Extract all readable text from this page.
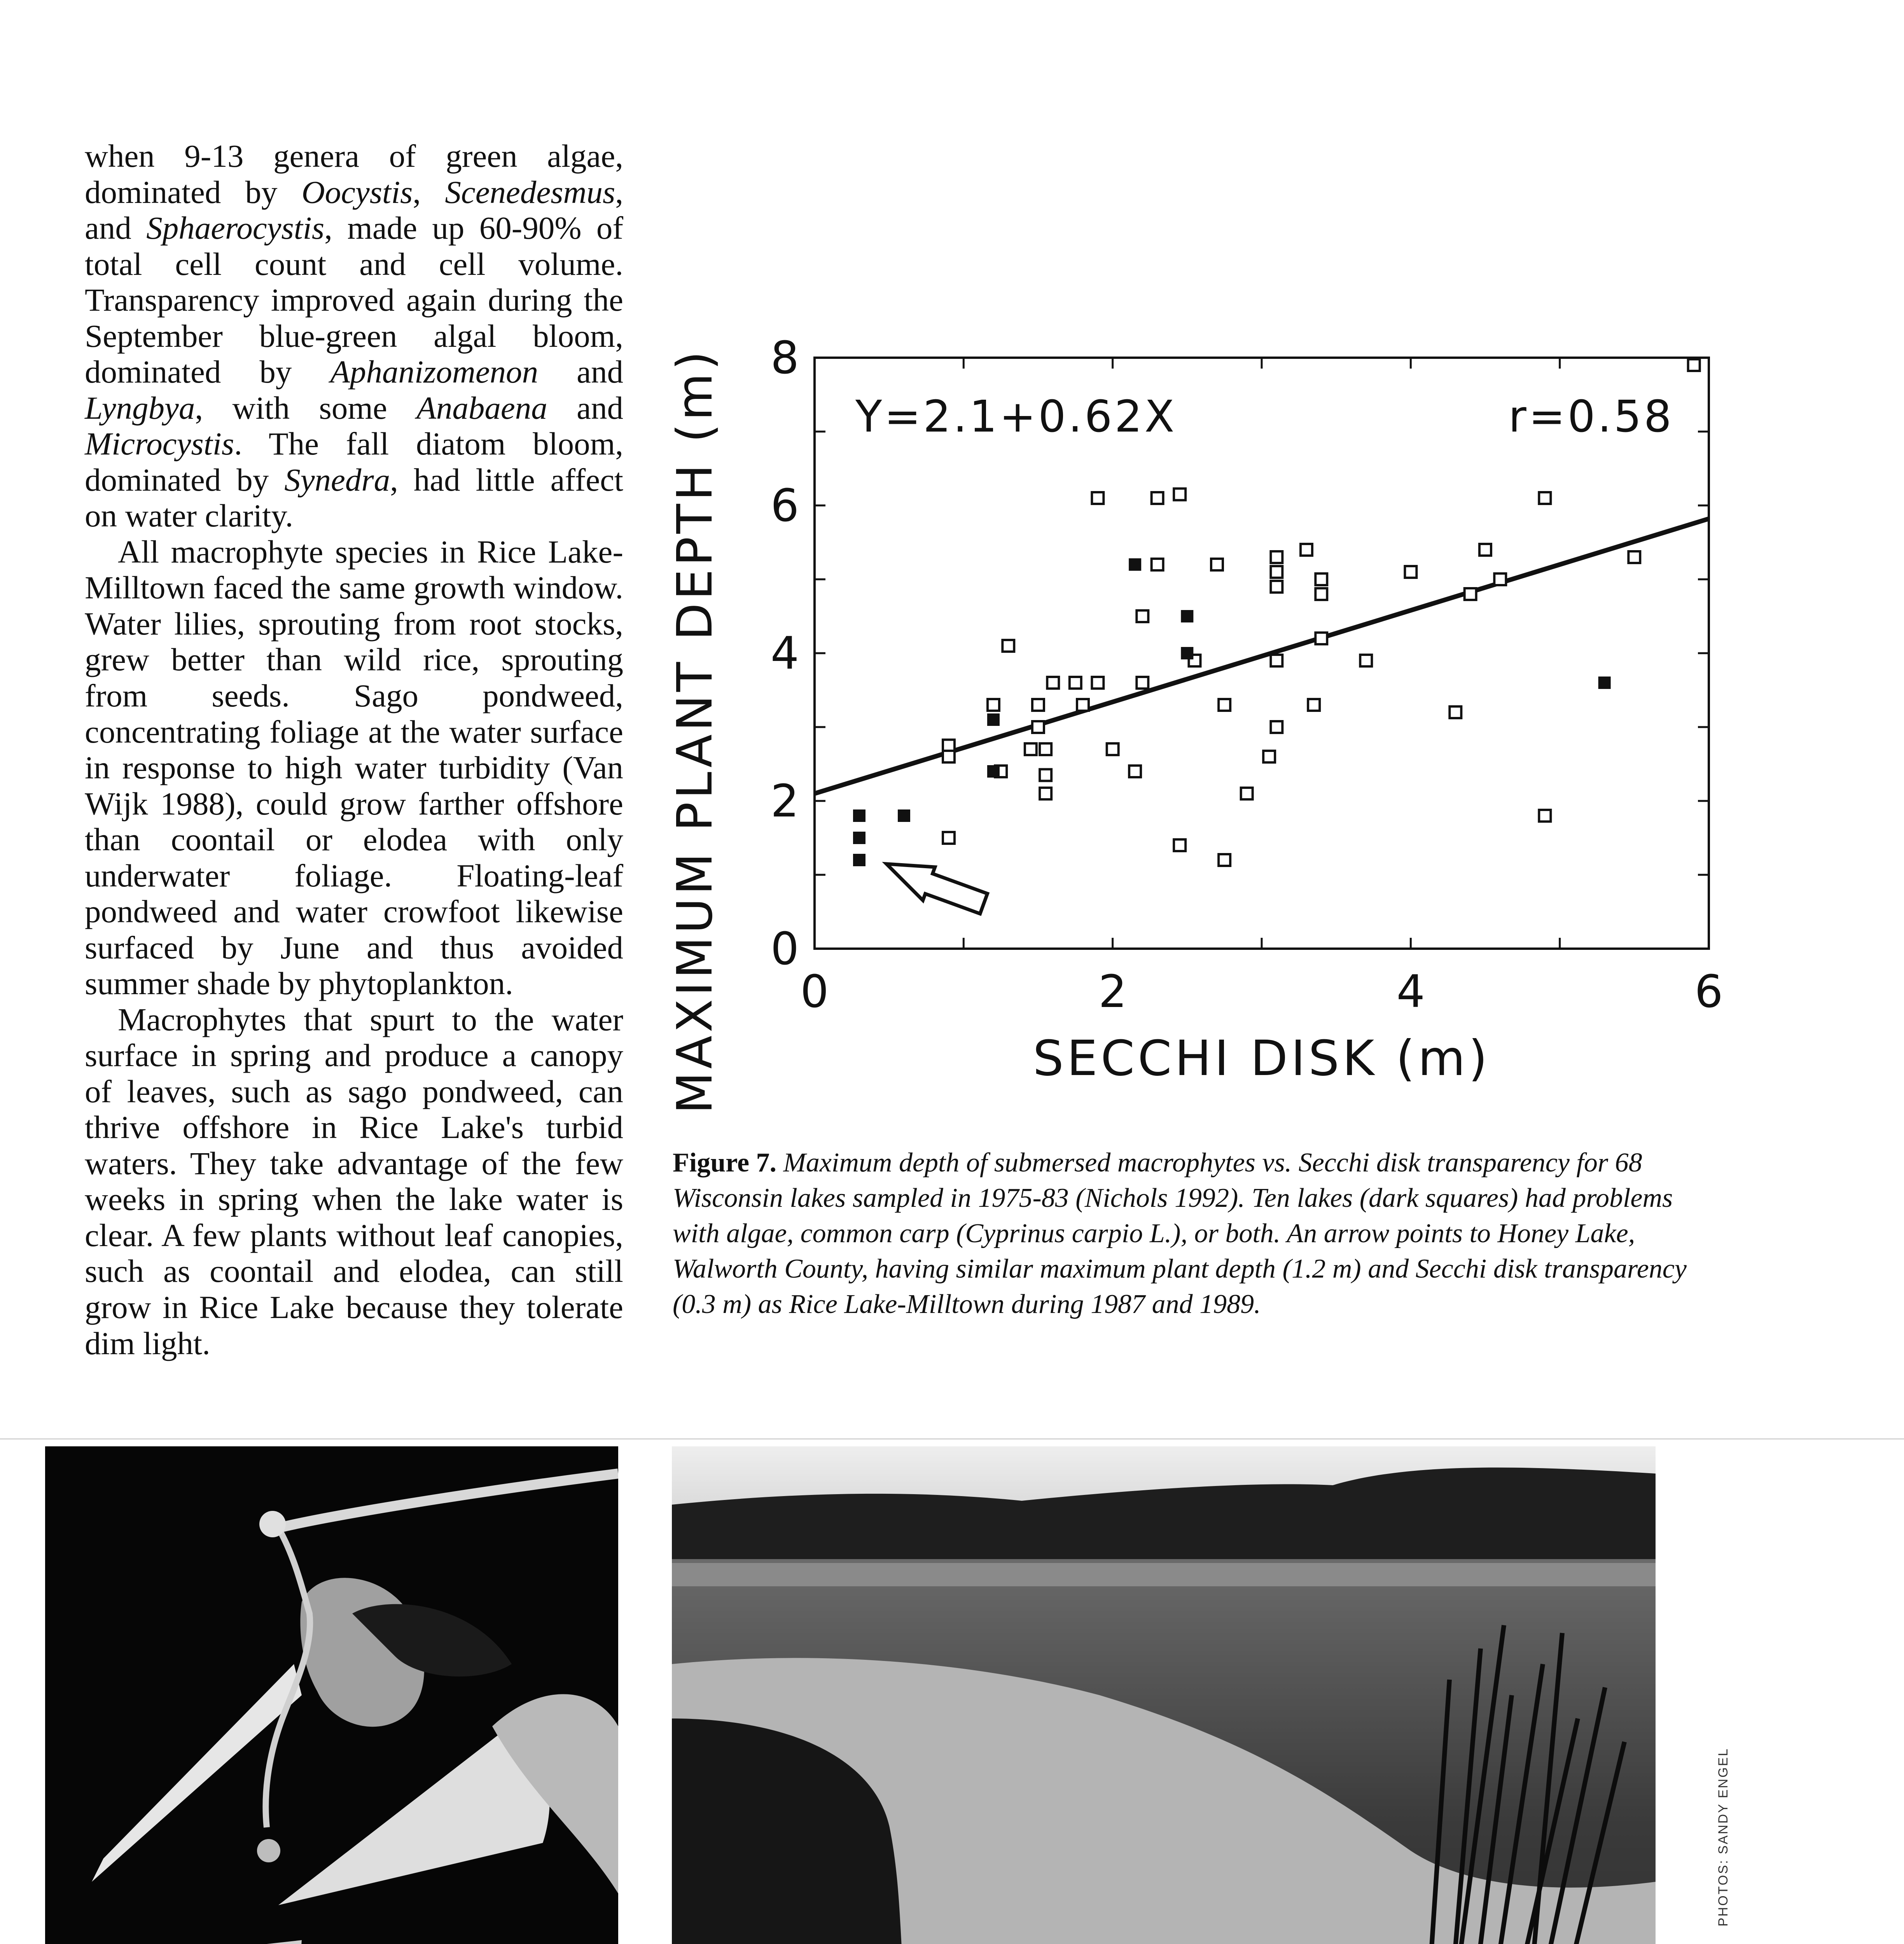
when 9-13 genera of green algae, dominated by Oocystis, Scenedesmus, and Sphaerocystis, made up 60-90% of total cell count and cell volume. Transparency improved again during the September blue-green algal bloom, dominated by Aphanizomenon and Lyngbya, with some Anabaena and Microcystis. The fall diatom bloom, dominated by Synedra, had little affect on water clarity.

All macrophyte species in Rice Lake-Milltown faced the same growth window. Water lilies, sprouting from root stocks, grew better than wild rice, sprouting from seeds. Sago pondweed, concentrating foliage at the water surface in response to high water turbidity (Van Wijk 1988), could grow farther offshore than coontail or elodea with only underwater foliage. Floating-leaf pondweed and water crowfoot likewise surfaced by June and thus avoided summer shade by phytoplankton.

Macrophytes that spurt to the water surface in spring and produce a canopy of leaves, such as sago pondweed, can thrive offshore in Rice Lake's turbid waters. They take advantage of the few weeks in spring when the lake water is clear. A few plants without leaf canopies, such as coontail and elodea, can still grow in Rice Lake because they tolerate dim light.

0	2	4	6
0
2
4
6
8
SECCHI DISK (m)
MAXIMUM PLANT DEPTH (m)	Y=2.1+0.62X	r=0.58
Figure 7. Maximum depth of submersed macrophytes vs. Secchi disk transparency for 68 Wisconsin lakes sampled in 1975-83 (Nichols 1992). Ten lakes (dark squares) had problems with algae, common carp (Cyprinus carpio L.), or both. An arrow points to Honey Lake, Walworth County, having similar maximum plant depth (1.2 m) and Secchi disk transparency (0.3 m) as Rice Lake-Milltown during 1987 and 1989.
PHOTOS: SANDY ENGEL
